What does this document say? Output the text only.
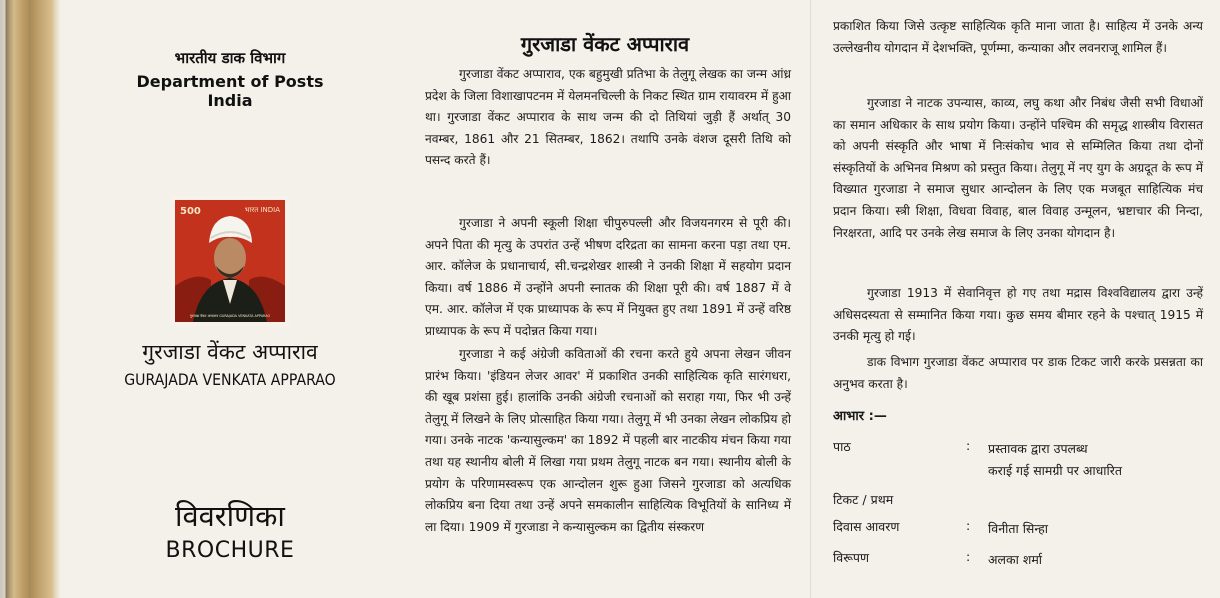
भारतीय डाक विभाग
Department of Posts
India
500	भारत INDIA
गुरजाडा वेंकट अप्पाराव GURAJADA VENKATA APPARAO
गुरजाडा वेंकट अप्पाराव
GURAJADA VENKATA APPARAO
विवरणिका
BROCHURE
गुरजाडा वेंकट अप्पाराव

गुरजाडा वेंकट अप्पाराव, एक बहुमुखी प्रतिभा के तेलुगू लेखक का जन्म आंध्र प्रदेश के जिला विशाखापटनम में येलमनचिल्ली के निकट स्थित ग्राम रायावरम में हुआ था। गुरजाडा वेंकट अप्पाराव के साथ जन्म की दो तिथियां जुड़ी हैं अर्थात् 30 नवम्बर, 1861 और 21 सितम्बर, 1862। तथापि उनके वंशज दूसरी तिथि को पसन्द करते हैं।

गुरजाडा ने अपनी स्कूली शिक्षा चीपुरुपल्ली और विजयनगरम से पूरी की। अपने पिता की मृत्यु के उपरांत उन्हें भीषण दरिद्रता का सामना करना पड़ा तथा एम. आर. कॉलेज के प्रधानाचार्य, सी.चन्द्रशेखर शास्त्री ने उनकी शिक्षा में सहयोग प्रदान किया। वर्ष 1886 में उन्होंने अपनी स्नातक की शिक्षा पूरी की। वर्ष 1887 में वे एम. आर. कॉलेज में एक प्राध्यापक के रूप में नियुक्त हुए तथा 1891 में उन्हें वरिष्ठ प्राध्यापक के रूप में पदोन्नत किया गया।

गुरजाडा ने कई अंग्रेजी कविताओं की रचना करते हुये अपना लेखन जीवन प्रारंभ किया। 'इंडियन लेजर आवर' में प्रकाशित उनकी साहित्यिक कृति सारंगधरा, की खूब प्रशंसा हुई। हालांकि उनकी अंग्रेजी रचनाओं को सराहा गया, फिर भी उन्हें तेलुगू में लिखने के लिए प्रोत्साहित किया गया। तेलुगू में भी उनका लेखन लोकप्रिय हो गया। उनके नाटक 'कन्यासुल्कम' का 1892 में पहली बार नाटकीय मंचन किया गया तथा यह स्थानीय बोली में लिखा गया प्रथम तेलुगू नाटक बन गया। स्थानीय बोली के प्रयोग के परिणामस्वरूप एक आन्दोलन शुरू हुआ जिसने गुरजाडा को अत्यधिक लोकप्रिय बना दिया तथा उन्हें अपने समकालीन साहित्यिक विभूतियों के सानिध्य में ला दिया। 1909 में गुरजाडा ने कन्यासुल्कम का द्वितीय संस्करण

प्रकाशित किया जिसे उत्कृष्ट साहित्यिक कृति माना जाता है। साहित्य में उनके अन्य उल्लेखनीय योगदान में देशभक्ति, पूर्णम्मा, कन्याका और लवनराजू शामिल हैं।

गुरजाडा ने नाटक उपन्यास, काव्य, लघु कथा और निबंध जैसी सभी विधाओं का समान अधिकार के साथ प्रयोग किया। उन्होंने पश्चिम की समृद्ध शास्त्रीय विरासत को अपनी संस्कृति और भाषा में निःसंकोच भाव से सम्मिलित किया तथा दोनों संस्कृतियों के अभिनव मिश्रण को प्रस्तुत किया। तेलुगू में नए युग के अग्रदूत के रूप में विख्यात गुरजाडा ने समाज सुधार आन्दोलन के लिए एक मजबूत साहित्यिक मंच प्रदान किया। स्त्री शिक्षा, विधवा विवाह, बाल विवाह उन्मूलन, भ्रष्टाचार की निन्दा, निरक्षरता, आदि पर उनके लेख समाज के लिए उनका योगदान है।

गुरजाडा 1913 में सेवानिवृत्त हो गए तथा मद्रास विश्वविद्यालय द्वारा उन्हें अधिसदस्यता से सम्मानित किया गया। कुछ समय बीमार रहने के पश्चात् 1915 में उनकी मृत्यु हो गई।

डाक विभाग गुरजाडा वेंकट अप्पाराव पर डाक टिकट जारी करके प्रसन्नता का अनुभव करता है।

आभार :—
पाठ	: प्रस्तावक द्वारा उपलब्ध
कराई गई सामग्री पर आधारित
टिकट / प्रथम
दिवास आवरण	: विनीता सिन्हा
विरूपण	: अलका शर्मा
